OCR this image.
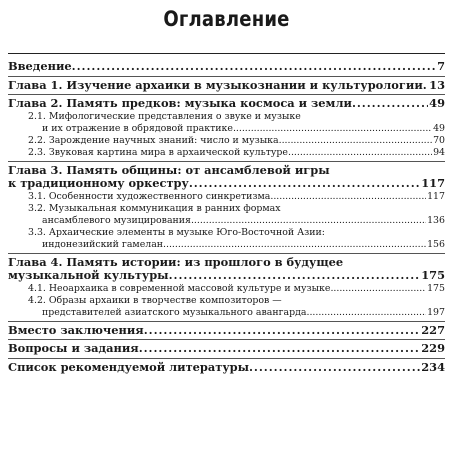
Оглавление
Введение . . .	7
Глава 1. Изучение архаики в музыкознании и культурологии . . . 13
Глава 2. Память предков: музыка космоса и земли . . .	49
2.1. Мифологические представления о звуке и музыке
и их отражение в обрядовой практике . . .	49
2.2. Зарождение научных знаний: число и музыка . . .	70
2.3. Звуковая картина мира в архаической культуре . . .	94
Глава 3. Память общины: от ансамблевой игры
к традиционному оркестру . . .	117
3.1. Особенности художественного синкретизма . . .	117
3.2. Музыкальная коммуникация в ранних формах
ансамблевого музицирования . . .	136
3.3. Архаические элементы в музыке Юго-Восточной Азии:
индонезийский гамелан . . .	156
Глава 4. Память истории: из прошлого в будущее
музыкальной культуры . . .	175
4.1. Неоархаика в современной массовой культуре и музыке . . .	175
4.2. Образы архаики в творчестве композиторов —
представителей азиатского музыкального авангарда . . .	197
Вместо заключения . . .	227
Вопросы и задания . . .	229
Список рекомендуемой литературы . . .	234
